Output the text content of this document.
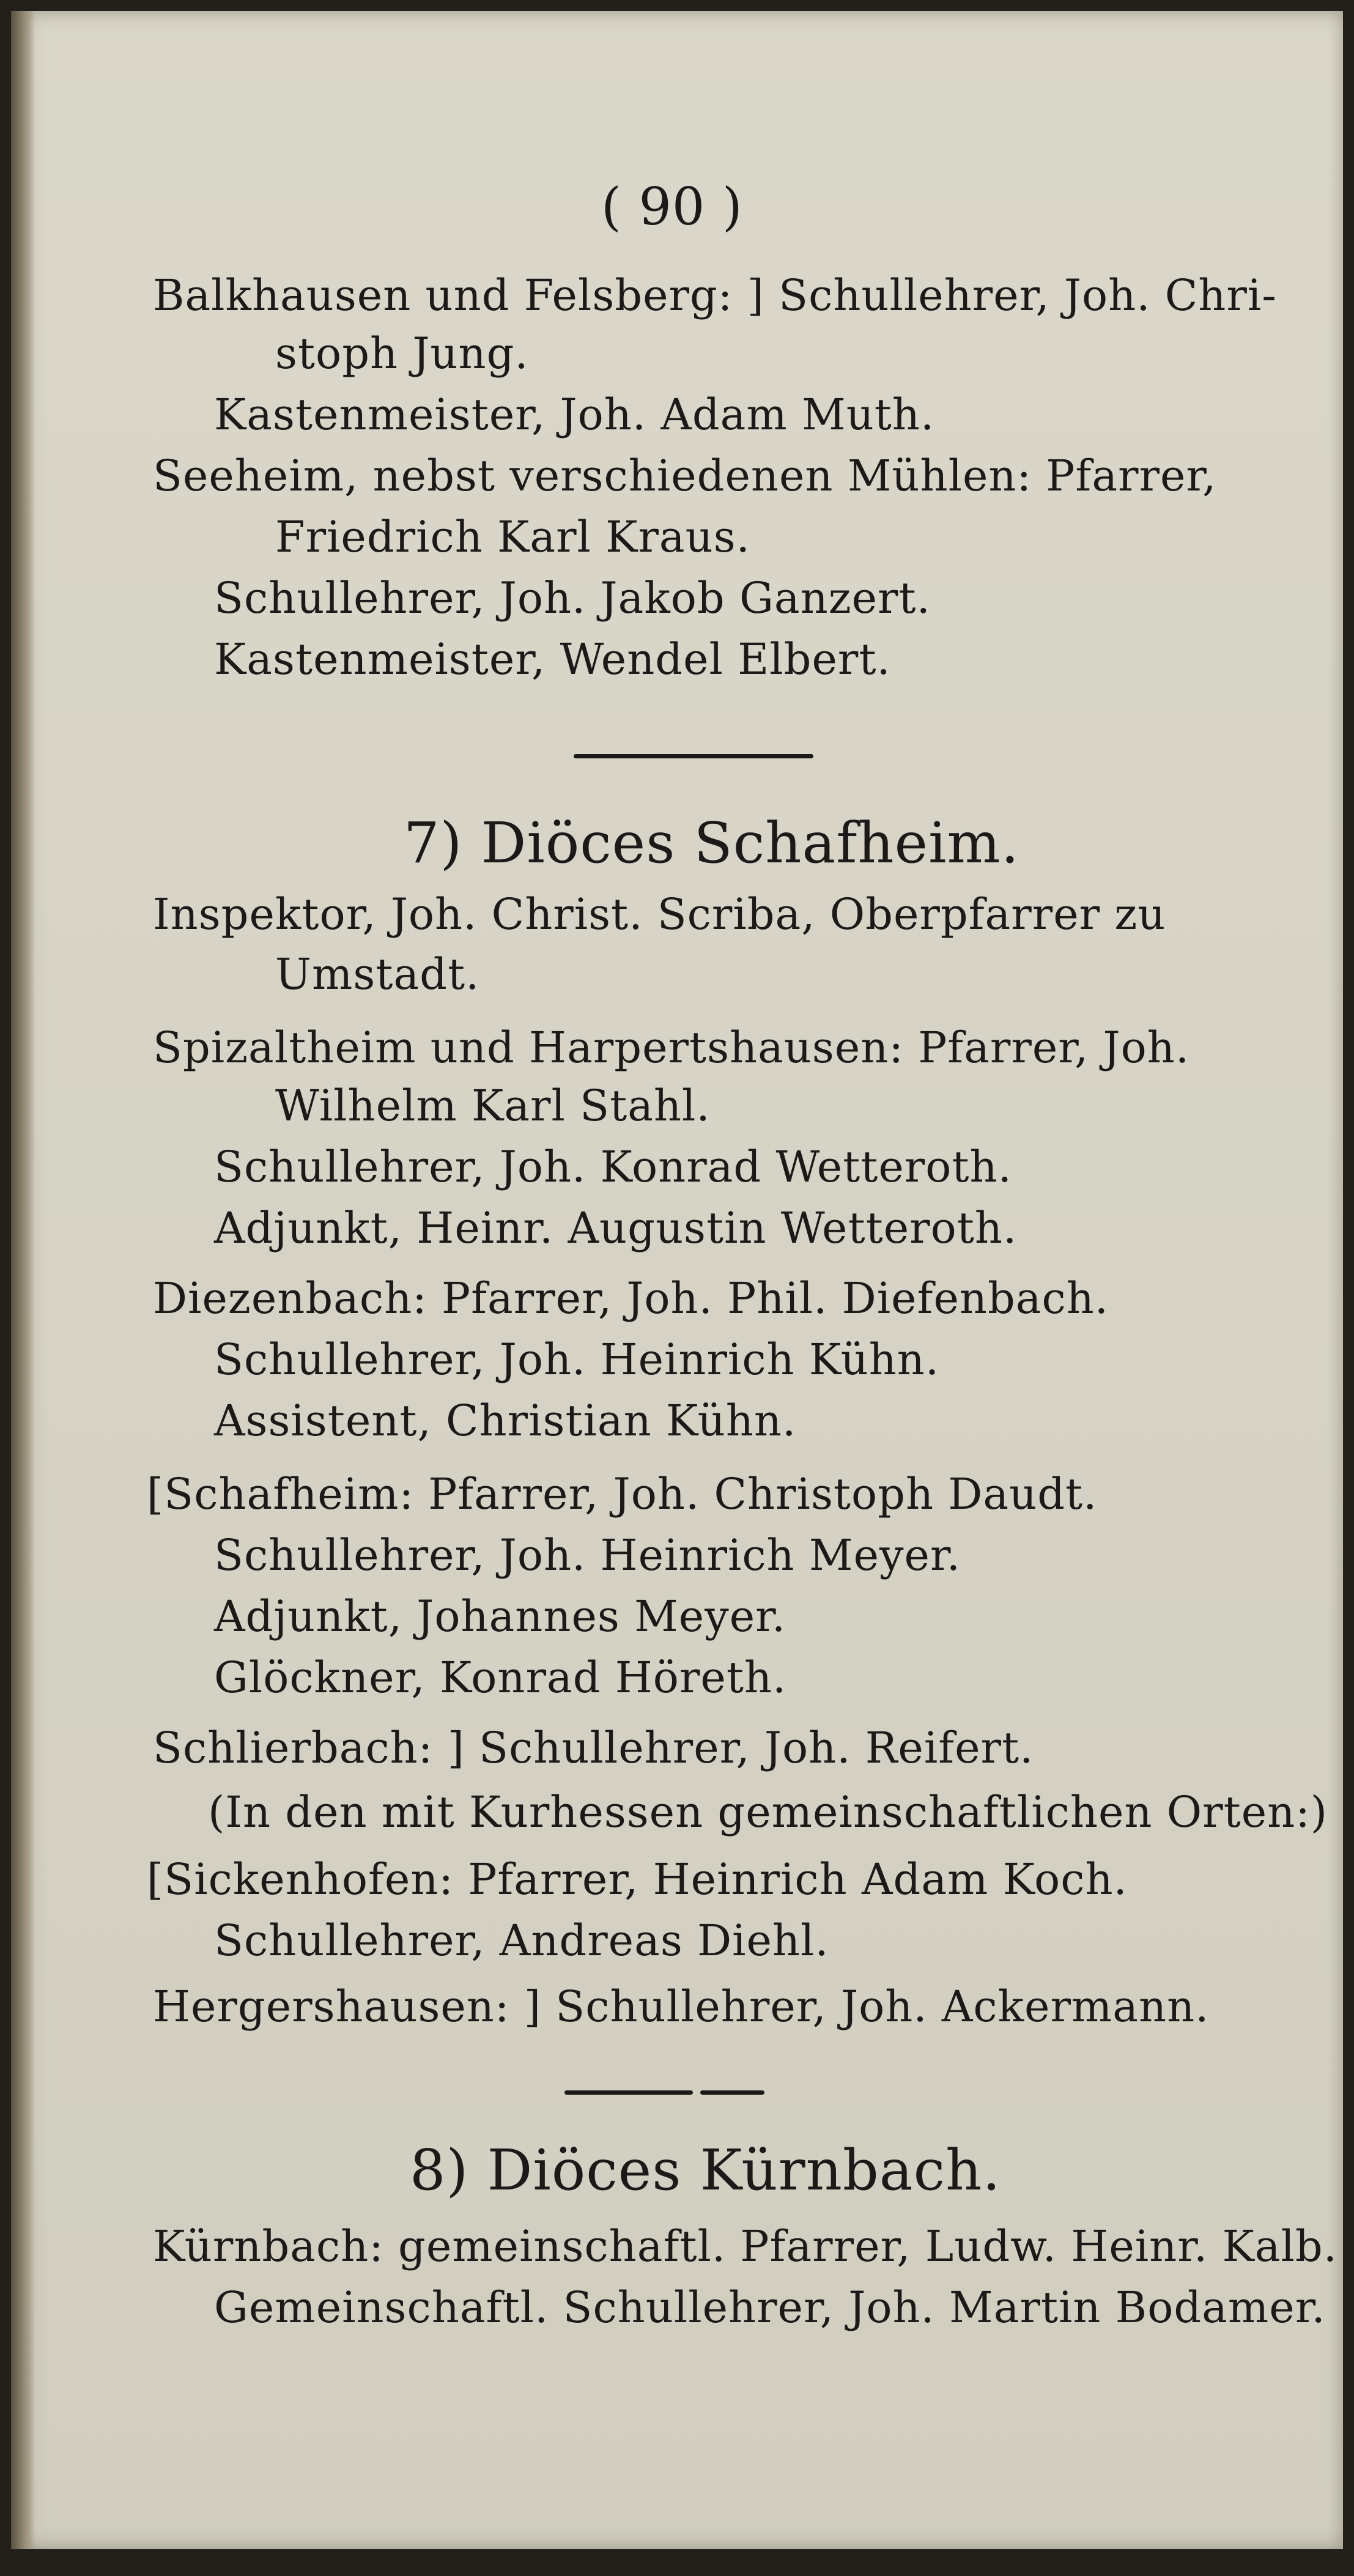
( 90 )
Balkhausen und Felsberg: ] Schullehrer, Joh. Chri-
stoph Jung.
Kastenmeister, Joh. Adam Muth.
Seeheim, nebst verschiedenen Mühlen: Pfarrer,
Friedrich Karl Kraus.
Schullehrer, Joh. Jakob Ganzert.
Kastenmeister, Wendel Elbert.
7) Diöces Schafheim.
Inspektor, Joh. Christ. Scriba, Oberpfarrer zu
Umstadt.
Spizaltheim und Harpertshausen: Pfarrer, Joh.
Wilhelm Karl Stahl.
Schullehrer, Joh. Konrad Wetteroth.
Adjunkt, Heinr. Augustin Wetteroth.
Diezenbach: Pfarrer, Joh. Phil. Diefenbach.
Schullehrer, Joh. Heinrich Kühn.
Assistent, Christian Kühn.
[Schafheim: Pfarrer, Joh. Christoph Daudt.
Schullehrer, Joh. Heinrich Meyer.
Adjunkt, Johannes Meyer.
Glöckner, Konrad Höreth.
Schlierbach: ] Schullehrer, Joh. Reifert.
(In den mit Kurhessen gemeinschaftlichen Orten:)
[Sickenhofen: Pfarrer, Heinrich Adam Koch.
Schullehrer, Andreas Diehl.
Hergershausen: ] Schullehrer, Joh. Ackermann.
8) Diöces Kürnbach.
Kürnbach: gemeinschaftl. Pfarrer, Ludw. Heinr. Kalb.
Gemeinschaftl. Schullehrer, Joh. Martin Bodamer.
